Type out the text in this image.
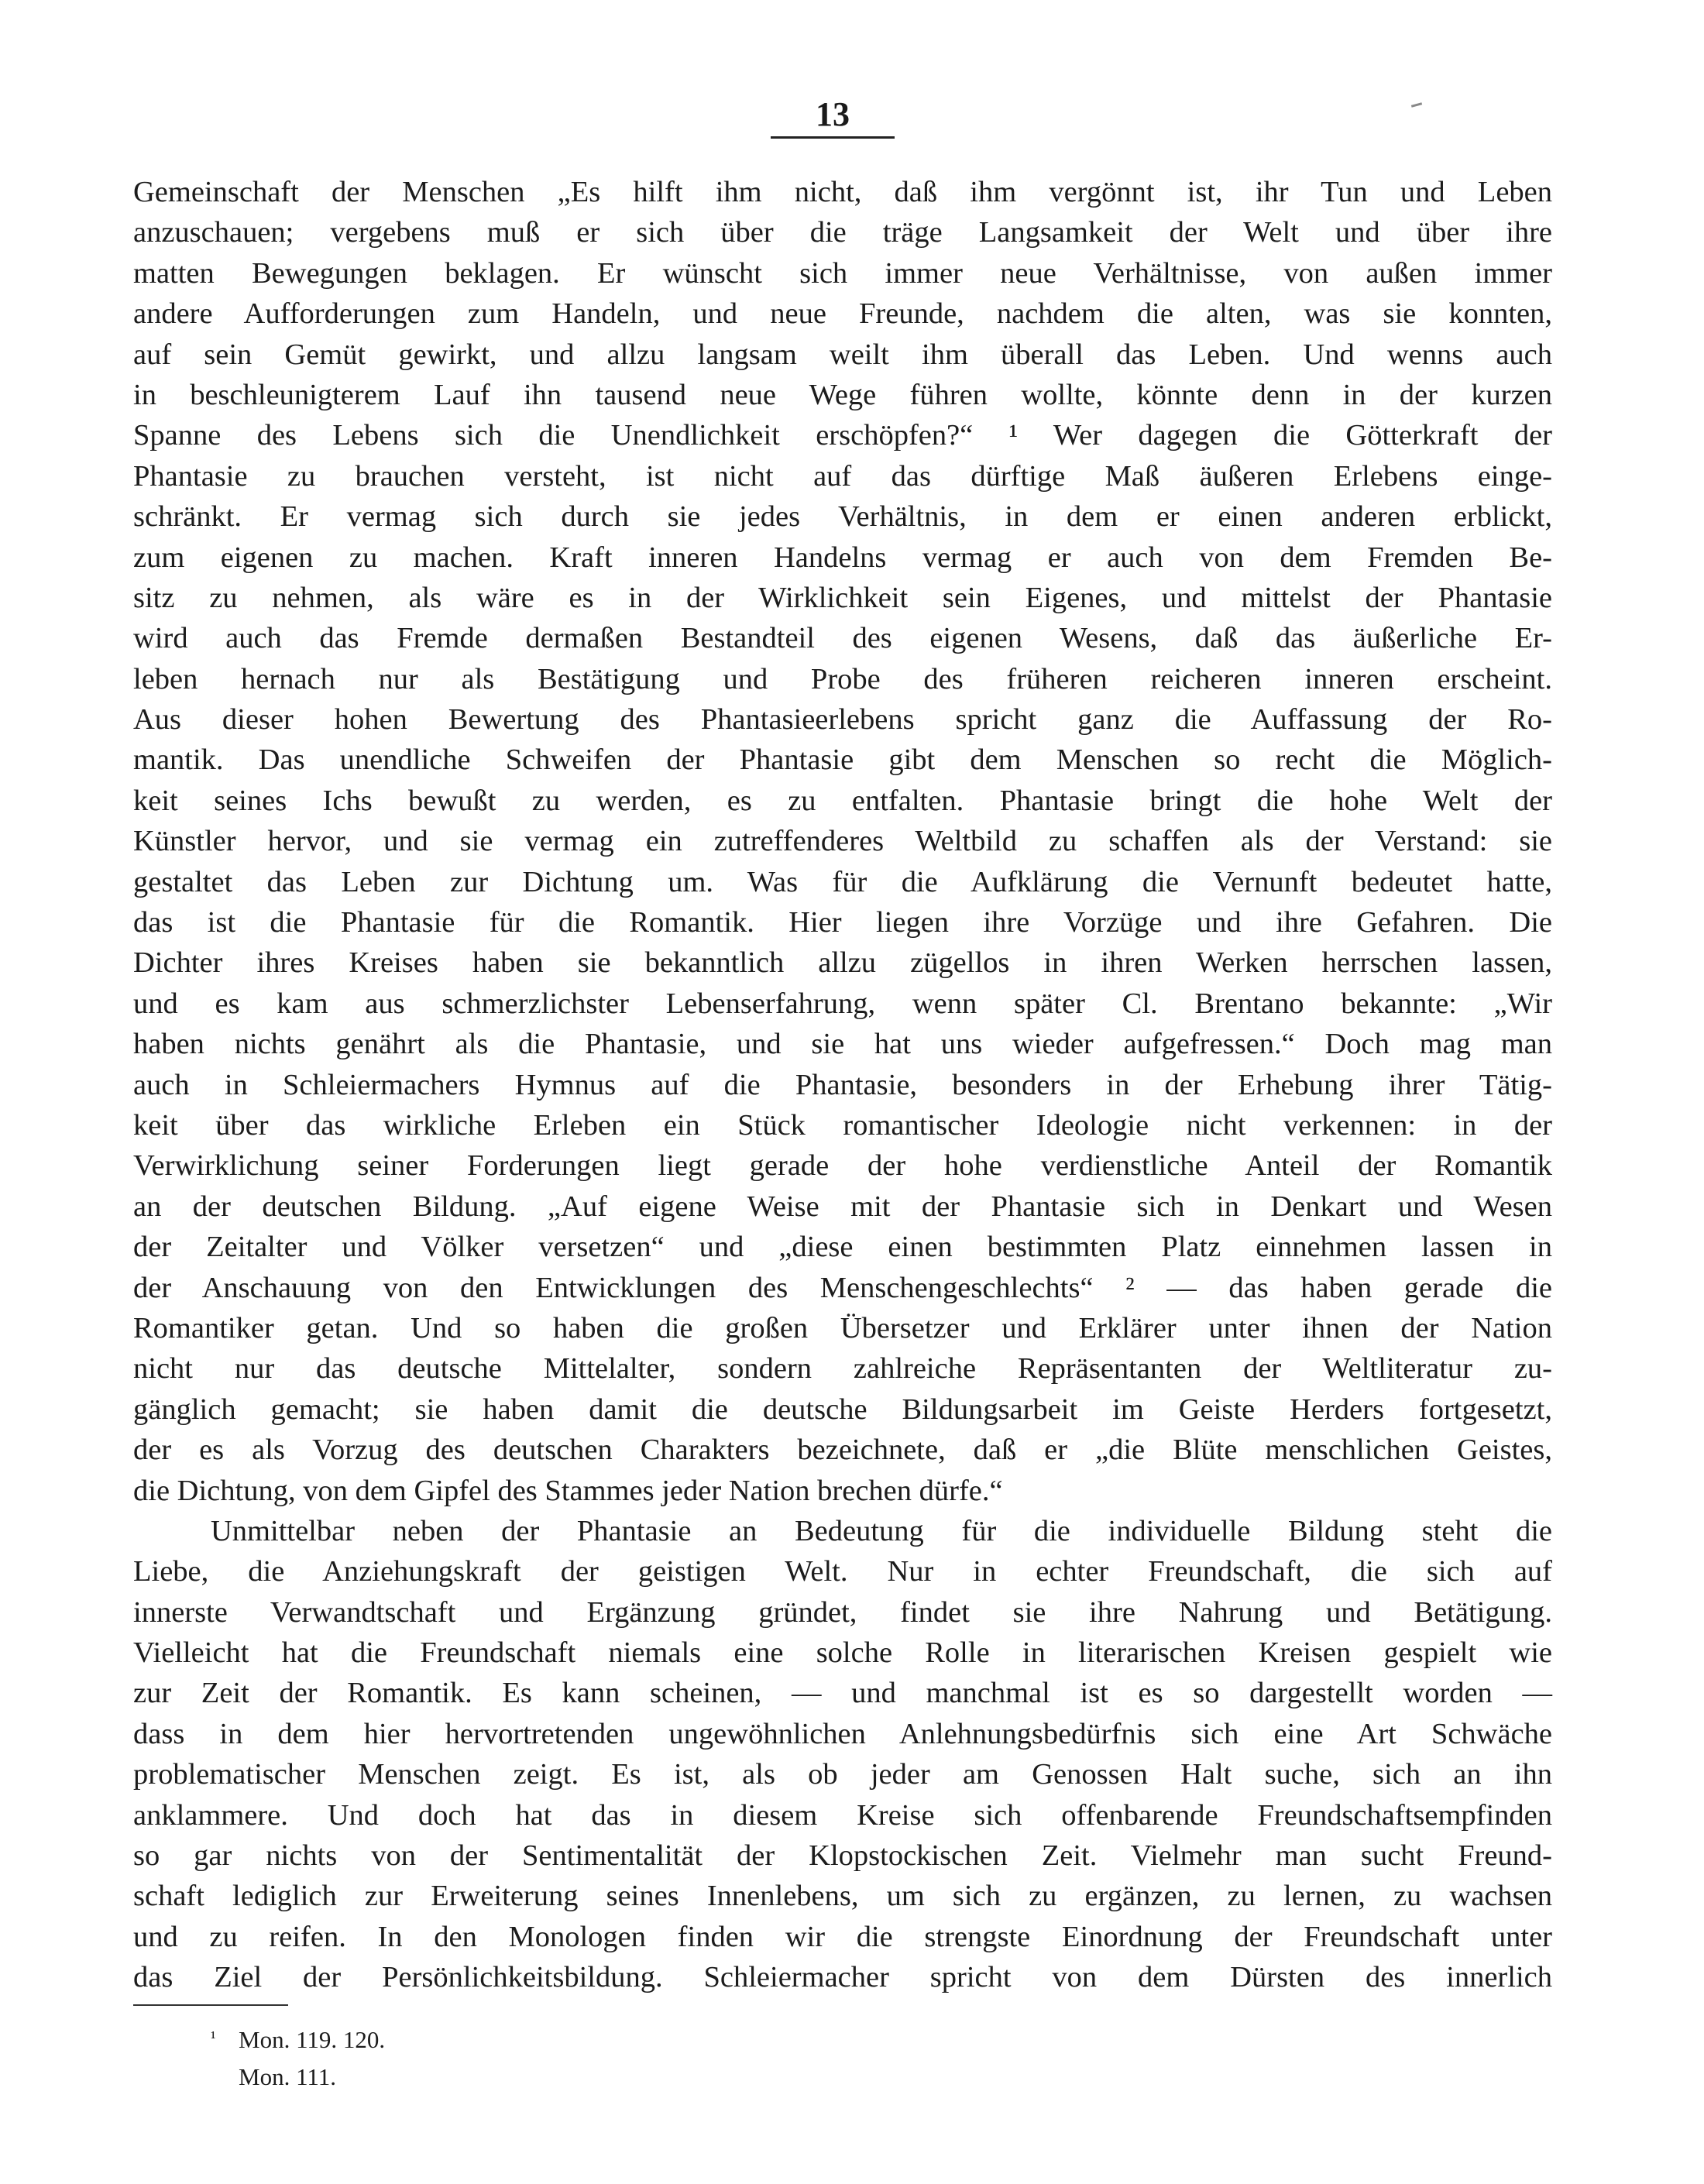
13
Gemeinschaft der Menschen „Es hilft ihm nicht, daß ihm vergönnt ist, ihr Tun und Leben
anzuschauen; vergebens muß er sich über die träge Langsamkeit der Welt und über ihre
matten Bewegungen beklagen. Er wünscht sich immer neue Verhältnisse, von außen immer
andere Aufforderungen zum Handeln, und neue Freunde, nachdem die alten, was sie konnten,
auf sein Gemüt gewirkt, und allzu langsam weilt ihm überall das Leben. Und wenns auch
in beschleunigterem Lauf ihn tausend neue Wege führen wollte, könnte denn in der kurzen
Spanne des Lebens sich die Unendlichkeit erschöpfen?“ ¹ Wer dagegen die Götterkraft der
Phantasie zu brauchen versteht, ist nicht auf das dürftige Maß äußeren Erlebens einge-
schränkt. Er vermag sich durch sie jedes Verhältnis, in dem er einen anderen erblickt,
zum eigenen zu machen. Kraft inneren Handelns vermag er auch von dem Fremden Be-
sitz zu nehmen, als wäre es in der Wirklichkeit sein Eigenes, und mittelst der Phantasie
wird auch das Fremde dermaßen Bestandteil des eigenen Wesens, daß das äußerliche Er-
leben hernach nur als Bestätigung und Probe des früheren reicheren inneren erscheint.
Aus dieser hohen Bewertung des Phantasieerlebens spricht ganz die Auffassung der Ro-
mantik. Das unendliche Schweifen der Phantasie gibt dem Menschen so recht die Möglich-
keit seines Ichs bewußt zu werden, es zu entfalten. Phantasie bringt die hohe Welt der
Künstler hervor, und sie vermag ein zutreffenderes Weltbild zu schaffen als der Verstand: sie
gestaltet das Leben zur Dichtung um. Was für die Aufklärung die Vernunft bedeutet hatte,
das ist die Phantasie für die Romantik. Hier liegen ihre Vorzüge und ihre Gefahren. Die
Dichter ihres Kreises haben sie bekanntlich allzu zügellos in ihren Werken herrschen lassen,
und es kam aus schmerzlichster Lebenserfahrung, wenn später Cl. Brentano bekannte: „Wir
haben nichts genährt als die Phantasie, und sie hat uns wieder aufgefressen.“ Doch mag man
auch in Schleiermachers Hymnus auf die Phantasie, besonders in der Erhebung ihrer Tätig-
keit über das wirkliche Erleben ein Stück romantischer Ideologie nicht verkennen: in der
Verwirklichung seiner Forderungen liegt gerade der hohe verdienstliche Anteil der Romantik
an der deutschen Bildung. „Auf eigene Weise mit der Phantasie sich in Denkart und Wesen
der Zeitalter und Völker versetzen“ und „diese einen bestimmten Platz einnehmen lassen in
der Anschauung von den Entwicklungen des Menschengeschlechts“ ² — das haben gerade die
Romantiker getan. Und so haben die großen Übersetzer und Erklärer unter ihnen der Nation
nicht nur das deutsche Mittelalter, sondern zahlreiche Repräsentanten der Weltliteratur zu-
gänglich gemacht; sie haben damit die deutsche Bildungsarbeit im Geiste Herders fortgesetzt,
der es als Vorzug des deutschen Charakters bezeichnete, daß er „die Blüte menschlichen Geistes,
die Dichtung, von dem Gipfel des Stammes jeder Nation brechen dürfe.“
Unmittelbar neben der Phantasie an Bedeutung für die individuelle Bildung steht die
Liebe, die Anziehungskraft der geistigen Welt. Nur in echter Freundschaft, die sich auf
innerste Verwandtschaft und Ergänzung gründet, findet sie ihre Nahrung und Betätigung.
Vielleicht hat die Freundschaft niemals eine solche Rolle in literarischen Kreisen gespielt wie
zur Zeit der Romantik. Es kann scheinen, — und manchmal ist es so dargestellt worden —
dass in dem hier hervortretenden ungewöhnlichen Anlehnungsbedürfnis sich eine Art Schwäche
problematischer Menschen zeigt. Es ist, als ob jeder am Genossen Halt suche, sich an ihn
anklammere. Und doch hat das in diesem Kreise sich offenbarende Freundschaftsempfinden
so gar nichts von der Sentimentalität der Klopstockischen Zeit. Vielmehr man sucht Freund-
schaft lediglich zur Erweiterung seines Innenlebens, um sich zu ergänzen, zu lernen, zu wachsen
und zu reifen. In den Monologen finden wir die strengste Einordnung der Freundschaft unter
das Ziel der Persönlichkeitsbildung. Schleiermacher spricht von dem Dürsten des innerlich
¹ Mon. 119. 120.
Mon. 111.
